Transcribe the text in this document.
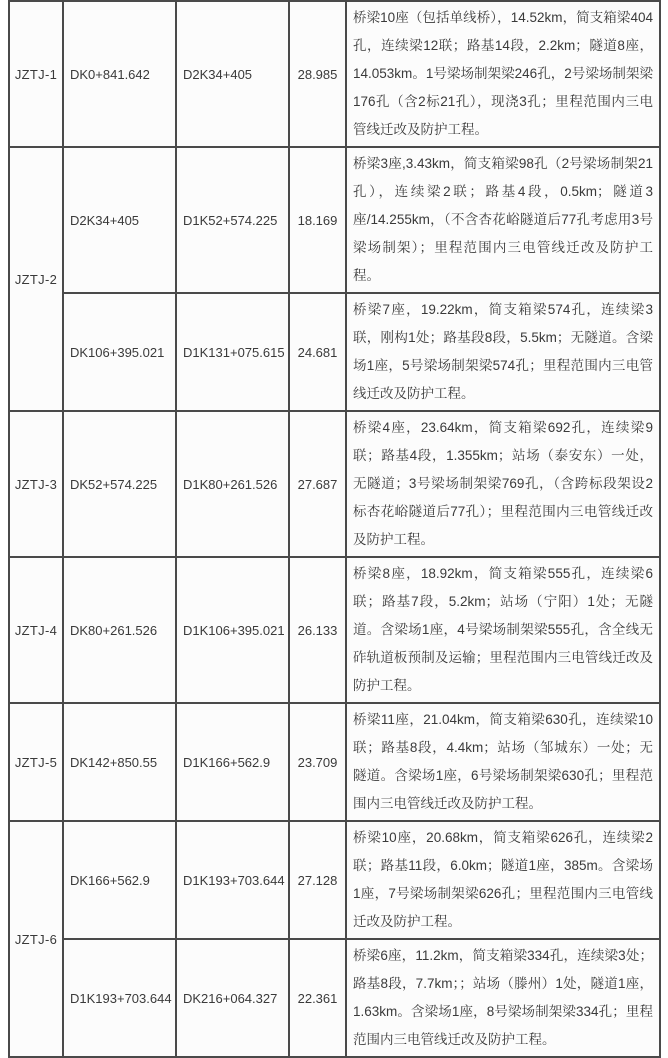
JZTJ-1	DK0+841.642	D2K34+405	28.985	桥梁10座（包括单线桥），14.52km，简支箱梁404孔，连续梁12联；路基14段，2.2km；隧道8座，14.053km。1号梁场制架梁246孔，2号梁场制架梁176孔（含2标21孔），现浇3孔；里程范围内三电管线迁改及防护工程。
JZTJ-2	D2K34+405	D1K52+574.225	18.169	桥梁3座,3.43km，简支箱梁98孔（2号梁场制架21孔），连续梁2联；路基4段，0.5km；隧道3座/14.255km，（不含杏花峪隧道后77孔考虑用3号梁场制架）；里程范围内三电管线迁改及防护工程。
	DK106+395.021	D1K131+075.615	24.681	桥梁7座，19.22km，简支箱梁574孔，连续梁3联，刚构1处；路基段8段，5.5km；无隧道。含梁场1座，5号梁场制架梁574孔；里程范围内三电管线迁改及防护工程。
JZTJ-3	DK52+574.225	D1K80+261.526	27.687	桥梁4座，23.64km，简支箱梁692孔，连续梁9联；路基4段，1.355km；站场（泰安东）一处，无隧道；3号梁场制架梁769孔，（含跨标段架设2标杏花峪隧道后77孔）；里程范围内三电管线迁改及防护工程。
JZTJ-4	DK80+261.526	D1K106+395.021	26.133	桥梁8座，18.92km，简支箱梁555孔，连续梁6联；路基7段，5.2km；站场（宁阳）1处；无隧道。含梁场1座，4号梁场制架梁555孔，含全线无砟轨道板预制及运输；里程范围内三电管线迁改及防护工程。
JZTJ-5	DK142+850.55	D1K166+562.9	23.709	桥梁11座，21.04km，简支箱梁630孔，连续梁10联；路基8段，4.4km；站场（邹城东）一处；无隧道。含梁场1座，6号梁场制架梁630孔；里程范围内三电管线迁改及防护工程。
JZTJ-6	DK166+562.9	D1K193+703.644	27.128	桥梁10座，20.68km，简支箱梁626孔，连续梁2联；路基11段，6.0km；隧道1座，385m。含梁场1座，7号梁场制架梁626孔；里程范围内三电管线迁改及防护工程。
	D1K193+703.644	DK216+064.327	22.361	桥梁6座，11.2km，简支箱梁334孔，连续梁3处；路基8段，7.7km；；站场（滕州）1处，隧道1座，1.63km。含梁场1座，8号梁场制架梁334孔；里程范围内三电管线迁改及防护工程。
